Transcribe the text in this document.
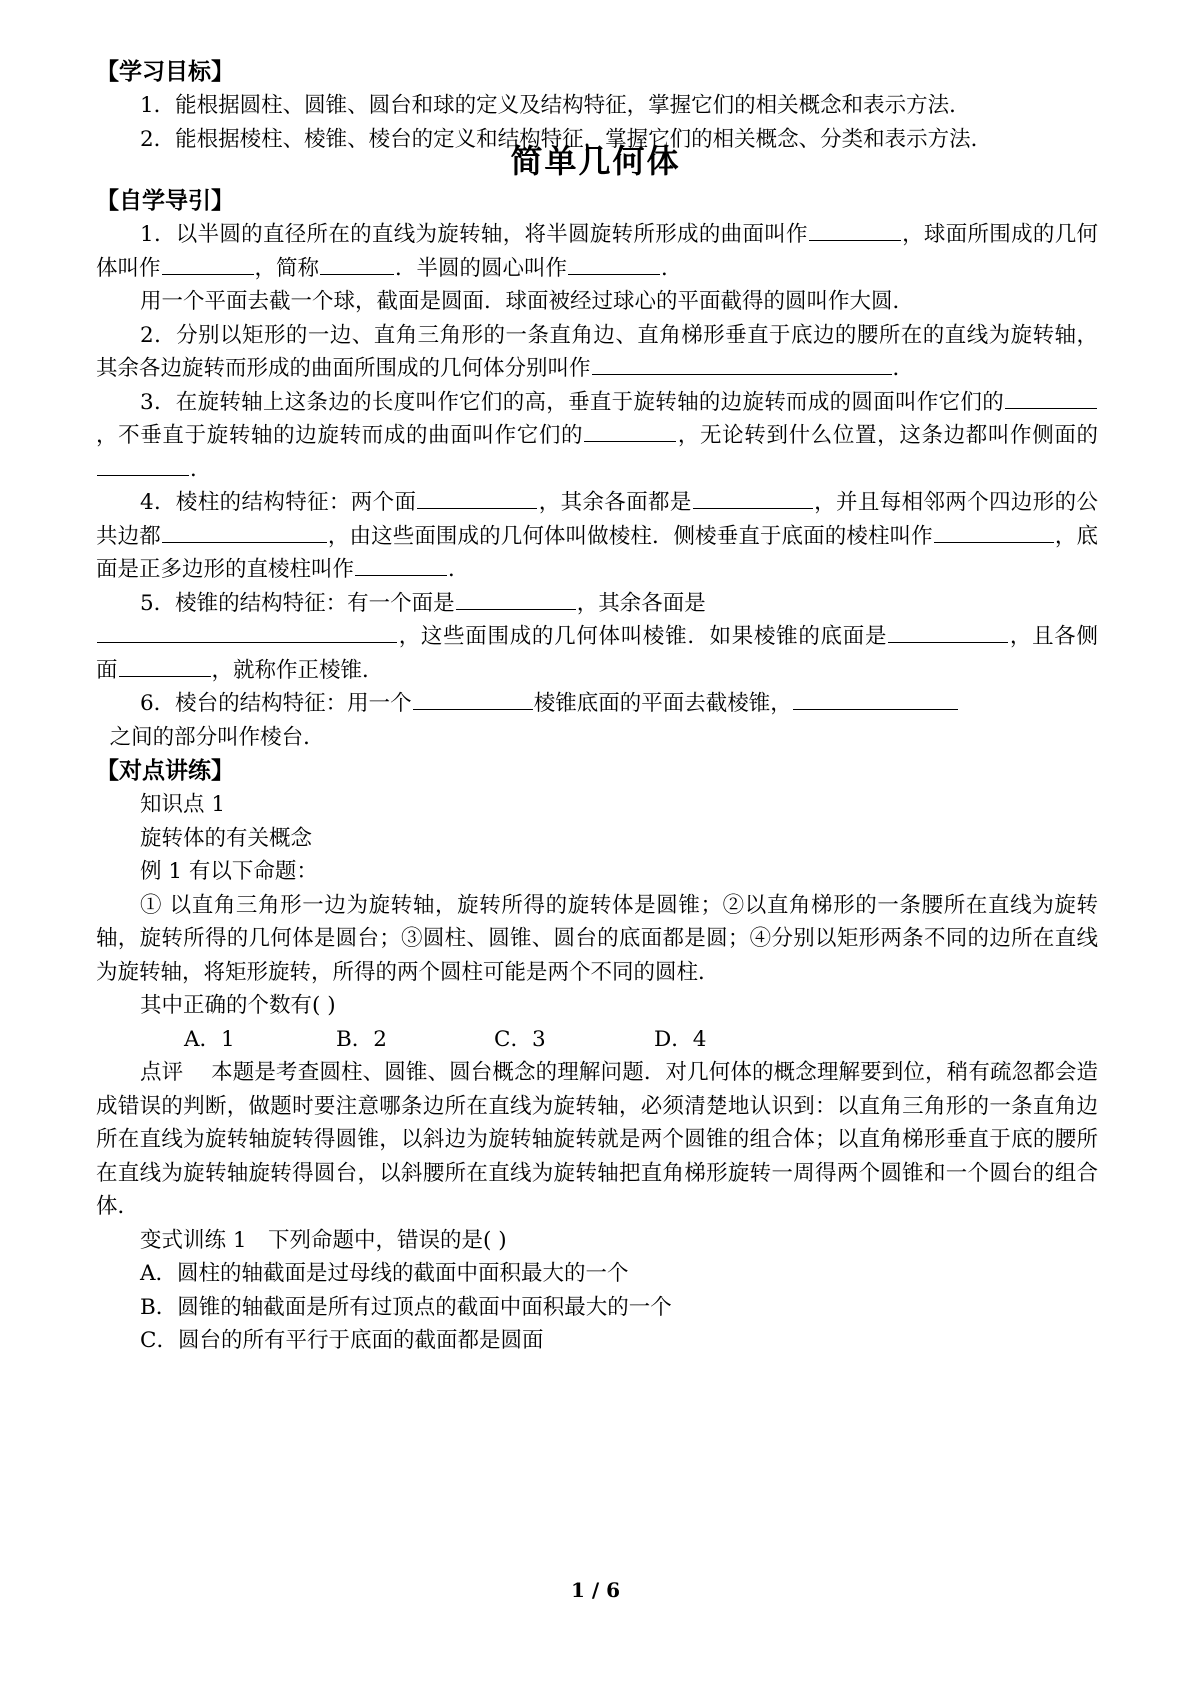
简单几何体
【学习目标】

1．能根据圆柱、圆锥、圆台和球的定义及结构特征，掌握它们的相关概念和表示方法．

2．能根据棱柱、棱锥、棱台的定义和结构特征，掌握它们的相关概念、分类和表示方法．

【自学导引】

1．以半圆的直径所在的直线为旋转轴，将半圆旋转所形成的曲面叫作	，球面所围成的几何体叫作	，简称	．半圆的圆心叫作	．

用一个平面去截一个球，截面是圆面．球面被经过球心的平面截得的圆叫作大圆．

2．分别以矩形的一边、直角三角形的一条直角边、直角梯形垂直于底边的腰所在的直线为旋转轴，其余各边旋转而形成的曲面所围成的几何体分别叫作	．

3．在旋转轴上这条边的长度叫作它们的高，垂直于旋转轴的边旋转而成的圆面叫作它们的，不垂直于旋转轴的边旋转而成的曲面叫作它们的	，无论转到什么位置，这条边都叫作侧面的．

4．棱柱的结构特征：两个面	，其余各面都是	，并且每相邻两个四边形的公共边都	，由这些面围成的几何体叫做棱柱．侧棱垂直于底面的棱柱叫作	，底面是正多边形的直棱柱叫作	．

5．棱锥的结构特征：有一个面是	，其余各面是
，这些面围成的几何体叫棱锥．如果棱锥的底面是	，且各侧面	，就称作正棱锥．

6．棱台的结构特征：用一个	棱锥底面的平面去截棱锥，
之间的部分叫作棱台．

【对点讲练】

知识点 1

旋转体的有关概念

例 1 有以下命题：

① 以直角三角形一边为旋转轴，旋转所得的旋转体是圆锥；②以直角梯形的一条腰所在直线为旋转轴，旋转所得的几何体是圆台；③圆柱、圆锥、圆台的底面都是圆；④分别以矩形两条不同的边所在直线为旋转轴，将矩形旋转，所得的两个圆柱可能是两个不同的圆柱．

其中正确的个数有( )

A．1	B．2	C．3	D．4

点评 本题是考查圆柱、圆锥、圆台概念的理解问题．对几何体的概念理解要到位，稍有疏忽都会造成错误的判断，做题时要注意哪条边所在直线为旋转轴，必须清楚地认识到：以直角三角形的一条直角边所在直线为旋转轴旋转得圆锥，以斜边为旋转轴旋转就是两个圆锥的组合体；以直角梯形垂直于底的腰所在直线为旋转轴旋转得圆台，以斜腰所在直线为旋转轴把直角梯形旋转一周得两个圆锥和一个圆台的组合体．

变式训练 1　下列命题中，错误的是( )

A．圆柱的轴截面是过母线的截面中面积最大的一个

B．圆锥的轴截面是所有过顶点的截面中面积最大的一个

C．圆台的所有平行于底面的截面都是圆面

1 / 6
